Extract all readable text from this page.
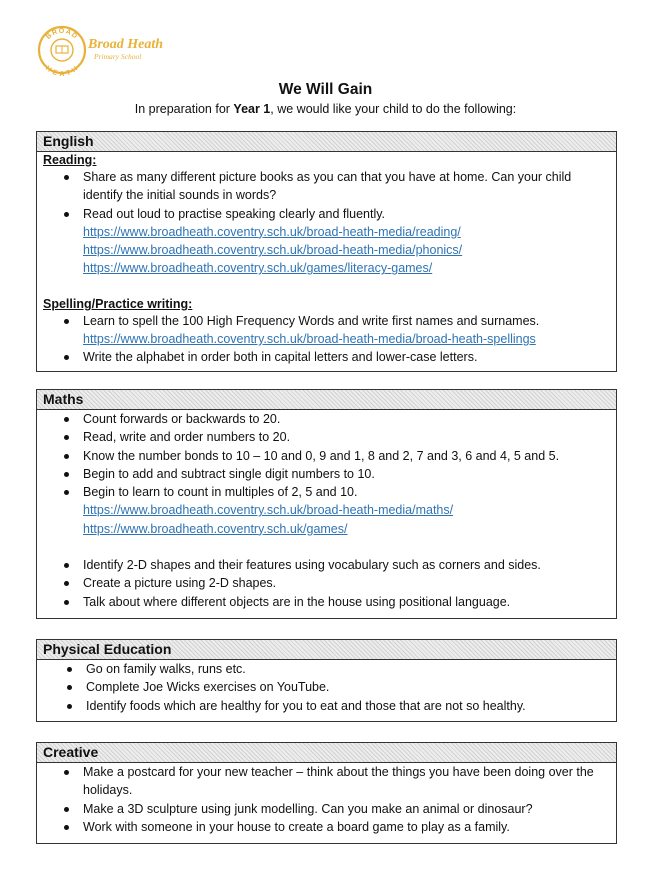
BROAD
HEATH
Broad Heath
Primary School
We Will Gain
In preparation for Year 1, we would like your child to do the following:
English
Reading:
Share as many different picture books as you can that you have at home. Can your child identify the initial sounds in words?
Read out loud to practise speaking clearly and fluently.
https://www.broadheath.coventry.sch.uk/broad-heath-media/reading/
https://www.broadheath.coventry.sch.uk/broad-heath-media/phonics/
https://www.broadheath.coventry.sch.uk/games/literacy-games/
Spelling/Practice writing:
Learn to spell the 100 High Frequency Words and write first names and surnames.
https://www.broadheath.coventry.sch.uk/broad-heath-media/broad-heath-spellings
Write the alphabet in order both in capital letters and lower-case letters.
Maths
Count forwards or backwards to 20.
Read, write and order numbers to 20.
Know the number bonds to 10 – 10 and 0, 9 and 1, 8 and 2, 7 and 3, 6 and 4, 5 and 5.
Begin to add and subtract single digit numbers to 10.
Begin to learn to count in multiples of 2, 5 and 10.
https://www.broadheath.coventry.sch.uk/broad-heath-media/maths/
https://www.broadheath.coventry.sch.uk/games/
Identify 2-D shapes and their features using vocabulary such as corners and sides.
Create a picture using 2-D shapes.
Talk about where different objects are in the house using positional language.
Physical Education
Go on family walks, runs etc.
Complete Joe Wicks exercises on YouTube.
Identify foods which are healthy for you to eat and those that are not so healthy.
Creative
Make a postcard for your new teacher – think about the things you have been doing over the holidays.
Make a 3D sculpture using junk modelling. Can you make an animal or dinosaur?
Work with someone in your house to create a board game to play as a family.
